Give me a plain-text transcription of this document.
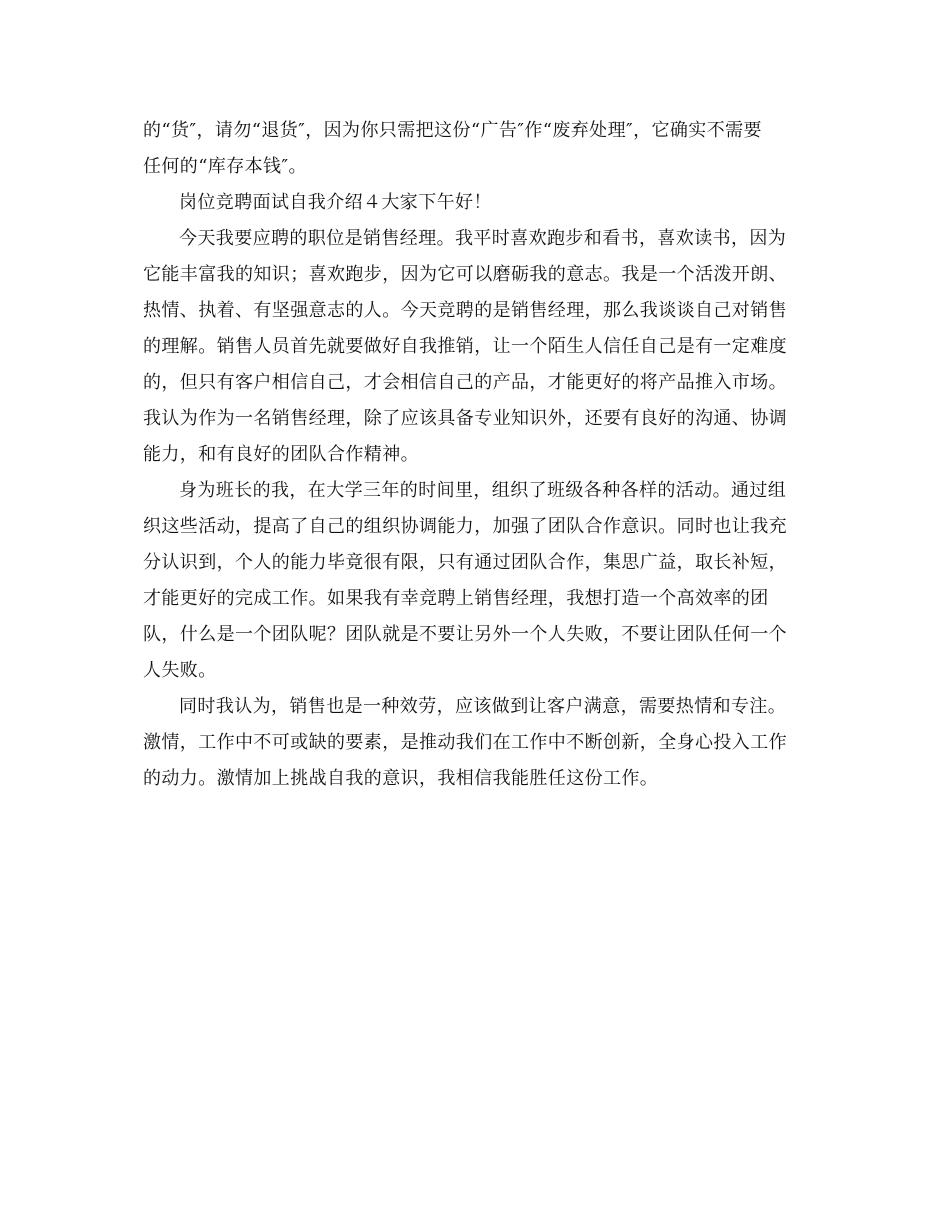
的“货″，请勿“退货″，因为你只需把这份“广告″作“废弃处理″，它确实不需要
任何的“库存本钱″。
岗位竞聘面试自我介绍４大家下午好！
今天我要应聘的职位是销售经理。我平时喜欢跑步和看书，喜欢读书，因为
它能丰富我的知识；喜欢跑步，因为它可以磨砺我的意志。我是一个活泼开朗、
热情、执着、有坚强意志的人。今天竞聘的是销售经理，那么我谈谈自己对销售
的理解。销售人员首先就要做好自我推销，让一个陌生人信任自己是有一定难度
的，但只有客户相信自己，才会相信自己的产品，才能更好的将产品推入市场。
我认为作为一名销售经理，除了应该具备专业知识外，还要有良好的沟通、协调
能力，和有良好的团队合作精神。
身为班长的我，在大学三年的时间里，组织了班级各种各样的活动。通过组
织这些活动，提高了自己的组织协调能力，加强了团队合作意识。同时也让我充
分认识到，个人的能力毕竟很有限，只有通过团队合作，集思广益，取长补短，
才能更好的完成工作。如果我有幸竞聘上销售经理，我想打造一个高效率的团
队，什么是一个团队呢？团队就是不要让另外一个人失败，不要让团队任何一个
人失败。
同时我认为，销售也是一种效劳，应该做到让客户满意，需要热情和专注。
激情，工作中不可或缺的要素，是推动我们在工作中不断创新，全身心投入工作
的动力。激情加上挑战自我的意识，我相信我能胜任这份工作。
